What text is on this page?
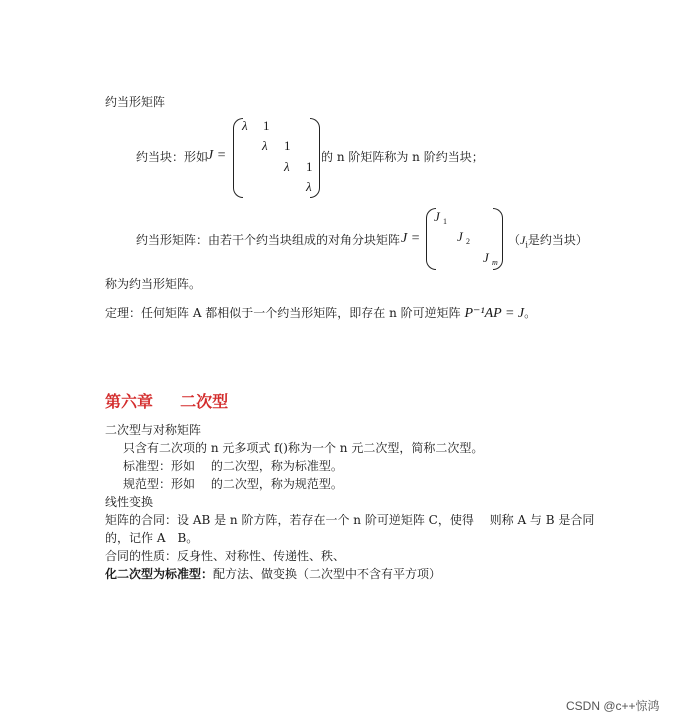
约当形矩阵
约当块：形如
J =
λ 1
λ 1
λ 1
λ
的 n 阶矩阵称为 n 阶约当块；
约当形矩阵：由若干个约当块组成的对角分块矩阵 J =
J 1
J 2
J m
（$J_i$是约当块）
称为约当形矩阵。
定理：任何矩阵 A 都相似于一个约当形矩阵，即存在 n 阶可逆矩阵 P⁻¹AP = J。
第六章 二次型
二次型与对称矩阵
只含有二次项的 n 元多项式 f()称为一个 n 元二次型，简称二次型。
标准型：形如　 的二次型，称为标准型。
规范型：形如　 的二次型，称为规范型。
线性变换
矩阵的合同：设 AB 是 n 阶方阵，若存在一个 n 阶可逆矩阵 C，使得　 则称 A 与 B 是合同
的，记作 A　B。
合同的性质：反身性、对称性、传递性、秩、
化二次型为标准型：配方法、做变换（二次型中不含有平方项）
CSDN @c++惊鸿
